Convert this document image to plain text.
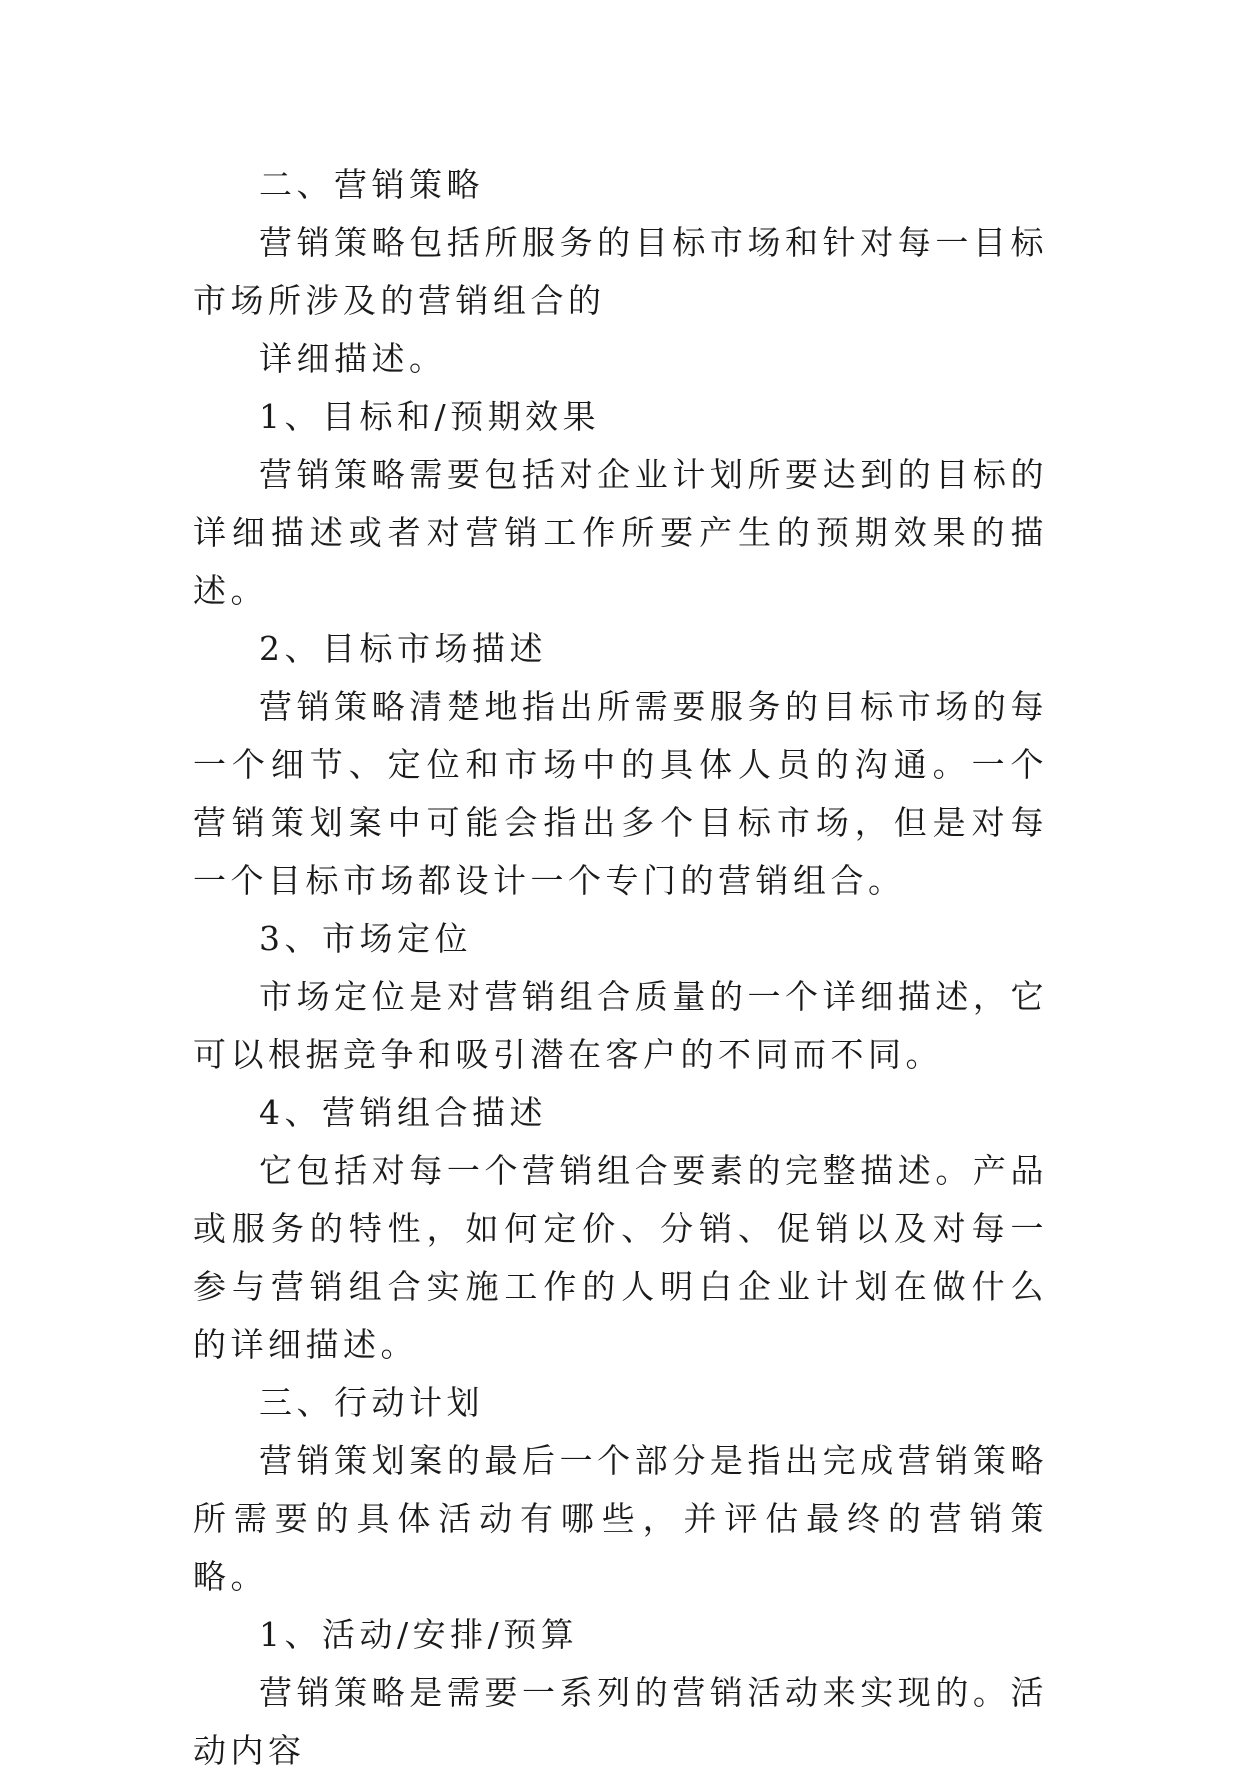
二、营销策略

营销策略包括所服务的目标市场和针对每一目标市场所涉及的营销组合的

详细描述。

1、目标和/预期效果

营销策略需要包括对企业计划所要达到的目标的详细描述或者对营销工作所要产生的预期效果的描述。

2、目标市场描述

营销策略清楚地指出所需要服务的目标市场的每一个细节、定位和市场中的具体人员的沟通。一个营销策划案中可能会指出多个目标市场，但是对每一个目标市场都设计一个专门的营销组合。

3、市场定位

市场定位是对营销组合质量的一个详细描述，它可以根据竞争和吸引潜在客户的不同而不同。

4、营销组合描述

它包括对每一个营销组合要素的完整描述。产品或服务的特性，如何定价、分销、促销以及对每一参与营销组合实施工作的人明白企业计划在做什么的详细描述。

三、行动计划

营销策划案的最后一个部分是指出完成营销策略所需要的具体活动有哪些，并评估最终的营销策略。

1、活动/安排/预算

营销策略是需要一系列的营销活动来实现的。活动内容
